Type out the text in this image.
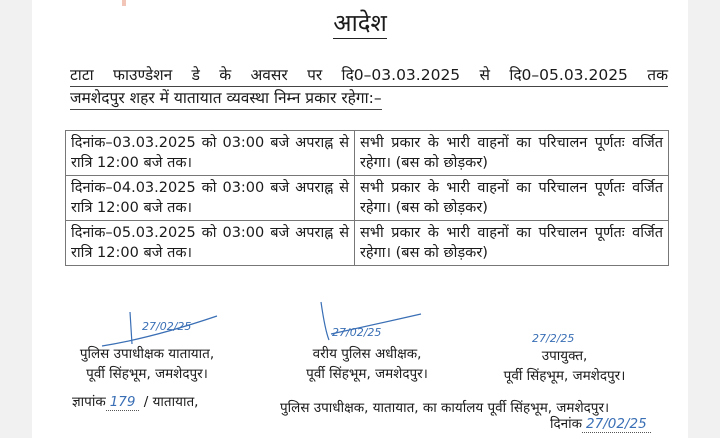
आदेश
टाटा फाउण्डेशन डे के अवसर पर दि0–03.03.2025 से दि0–05.03.2025 तक
जमशेदपुर शहर में यातायात व्यवस्था निम्न प्रकार रहेगा:–
दिनांक–03.03.2025 को 03:00 बजे अपराह्न से रात्रि 12:00 बजे तक।	सभी प्रकार के भारी वाहनों का परिचालन पूर्णतः वर्जित रहेगा। (बस को छोड़कर)
दिनांक–04.03.2025 को 03:00 बजे अपराह्न से रात्रि 12:00 बजे तक।	सभी प्रकार के भारी वाहनों का परिचालन पूर्णतः वर्जित रहेगा। (बस को छोड़कर)
दिनांक–05.03.2025 को 03:00 बजे अपराह्न से रात्रि 12:00 बजे तक।	सभी प्रकार के भारी वाहनों का परिचालन पूर्णतः वर्जित रहेगा। (बस को छोड़कर)
27/02/25
पुलिस उपाधीक्षक यातायात,
पूर्वी सिंहभूम, जमशेदपुर।
27/02/25
वरीय पुलिस अधीक्षक,
पूर्वी सिंहभूम, जमशेदपुर।
27/2/25
उपायुक्त,
पूर्वी सिंहभूम, जमशेदपुर।
ज्ञापांक 179 / यातायात,	पुलिस उपाधीक्षक, यातायात, का कार्यालय पूर्वी सिंहभूम, जमशेदपुर।
दिनांक 27/02/25
